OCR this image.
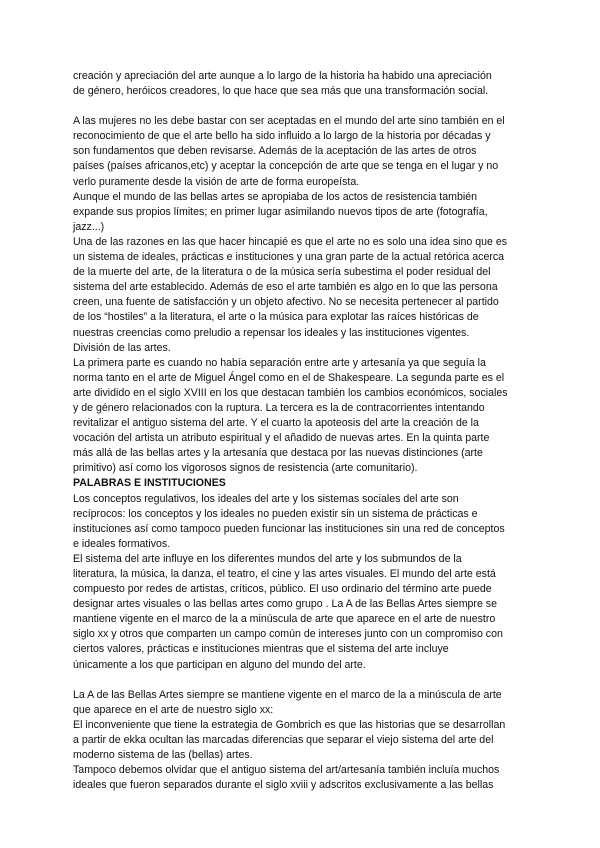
creación y apreciación del arte aunque a lo largo de la historia ha habido una apreciación
de género, heróicos creadores, lo que hace que sea más que una transformación social.

A las mujeres no les debe bastar con ser aceptadas en el mundo del arte sino también en el
reconocimiento de que el arte bello ha sido influido a lo largo de la historia por décadas y
son fundamentos que deben revisarse. Además de la aceptación de las artes de otros
países (países africanos,etc) y aceptar la concepción de arte que se tenga en el lugar y no
verlo puramente desde la visión de arte de forma europeísta.

Aunque el mundo de las bellas artes se apropiaba de los actos de resistencia también
expande sus propios límites; en primer lugar asimilando nuevos tipos de arte (fotografía,
jazz...)

Una de las razones en las que hacer hincapié es que el arte no es solo una idea sino que es
un sistema de ideales, prácticas e instituciones y una gran parte de la actual retórica acerca
de la muerte del arte, de la literatura o de la música sería subestima el poder residual del
sistema del arte establecido. Además de eso el arte también es algo en lo que las persona
creen, una fuente de satisfacción y un objeto afectivo. No se necesita pertenecer al partido
de los “hostiles” a la literatura, el arte o la música para explotar las raíces históricas de
nuestras creencias como preludio a repensar los ideales y las instituciones vigentes.

División de las artes.

La primera parte es cuando no había separación entre arte y artesanía ya que seguía la
norma tanto en el arte de Miguel Ángel como en el de Shakespeare. La segunda parte es el
arte dividido en el siglo XVIII en los que destacan también los cambios económicos, sociales
y de género relacionados con la ruptura. La tercera es la de contracorrientes intentando
revitalizar el antiguo sistema del arte. Y el cuarto la apoteosis del arte la creación de la
vocación del artista un atributo espiritual y el añadido de nuevas artes. En la quinta parte
más allá de las bellas artes y la artesanía que destaca por las nuevas distinciones (arte
primitivo) así como los vigorosos signos de resistencia (arte comunitario).

PALABRAS E INSTITUCIONES

Los conceptos regulativos, los ideales del arte y los sistemas sociales del arte son
recíprocos: los conceptos y los ideales no pueden existir sin un sistema de prácticas e
instituciones así como tampoco pueden funcionar las instituciones sin una red de conceptos
e ideales formativos.

El sistema del arte influye en los diferentes mundos del arte y los submundos de la
literatura, la música, la danza, el teatro, el cine y las artes visuales. El mundo del arte está
compuesto por redes de artistas, críticos, público. El uso ordinario del término arte puede
designar artes visuales o las bellas artes como grupo . La A de las Bellas Artes siempre se
mantiene vigente en el marco de la a minúscula de arte que aparece en el arte de nuestro
siglo xx y otros que comparten un campo común de intereses junto con un compromiso con
ciertos valores, prácticas e instituciones mientras que el sistema del arte incluye
únicamente a los que participan en alguno del mundo del arte.

La A de las Bellas Artes siempre se mantiene vigente en el marco de la a minúscula de arte
que aparece en el arte de nuestro siglo xx:

El inconveniente que tiene la estrategia de Gombrich es que las historias que se desarrollan
a partir de ekka ocultan las marcadas diferencias que separar el viejo sistema del arte del
moderno sistema de las (bellas) artes.

Tampoco debemos olvidar que el antiguo sistema del art/artesanía también incluía muchos
ideales que fueron separados durante el siglo xviii y adscritos exclusivamente a las bellas
